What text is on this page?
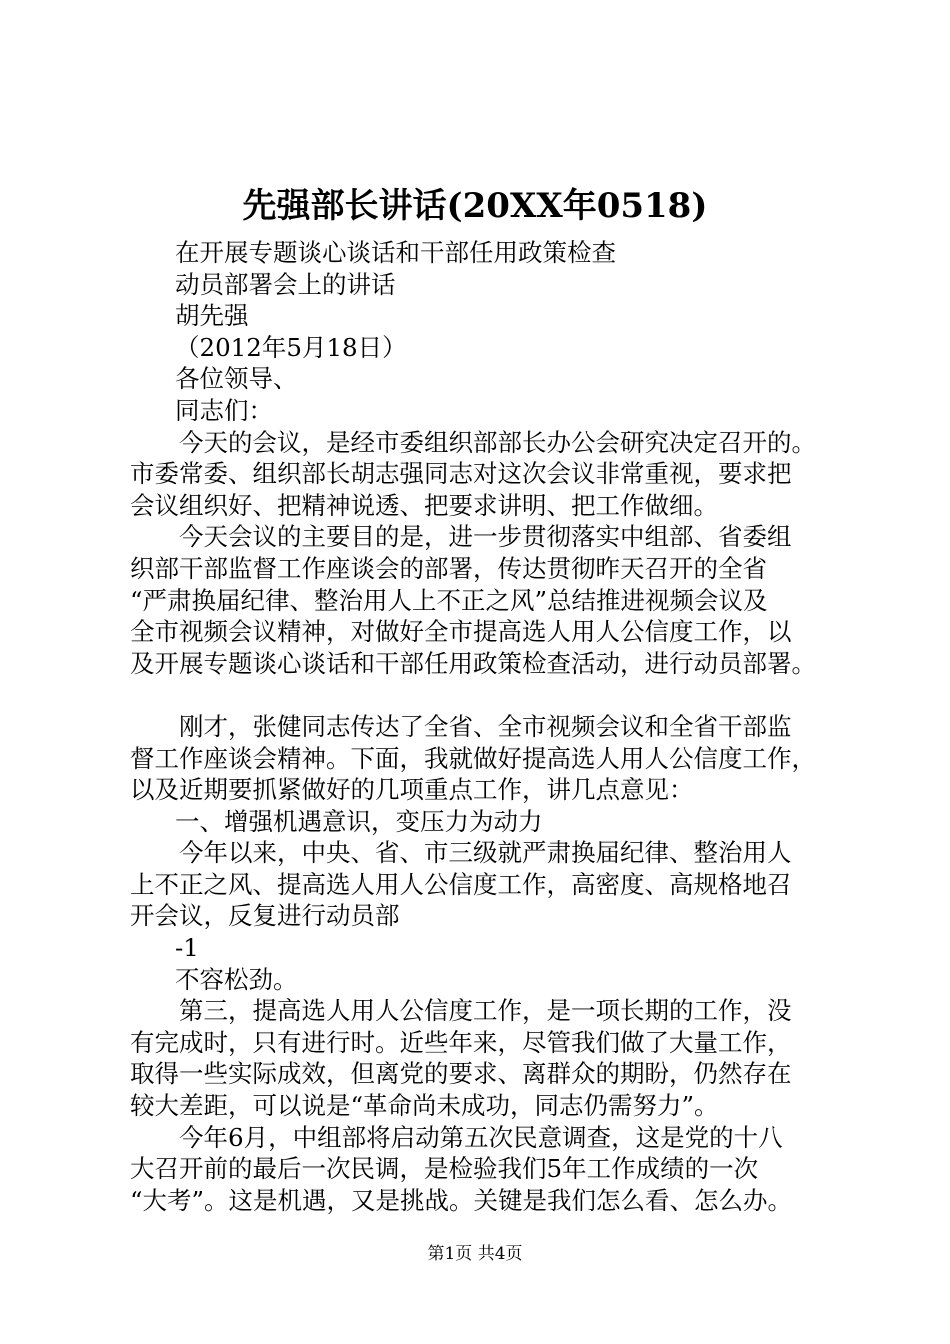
先强部长讲话(20XX年0518)
在开展专题谈心谈话和干部任用政策检查
动员部署会上的讲话
胡先强
（2012年5月18日）
各位领导、
同志们：
今天的会议，是经市委组织部部长办公会研究决定召开的。
市委常委、组织部长胡志强同志对这次会议非常重视，要求把
会议组织好、把精神说透、把要求讲明、把工作做细。
今天会议的主要目的是，进一步贯彻落实中组部、省委组
织部干部监督工作座谈会的部署，传达贯彻昨天召开的全省
“严肃换届纪律、整治用人上不正之风”总结推进视频会议及
全市视频会议精神，对做好全市提高选人用人公信度工作，以
及开展专题谈心谈话和干部任用政策检查活动，进行动员部署。
刚才，张健同志传达了全省、全市视频会议和全省干部监
督工作座谈会精神。下面，我就做好提高选人用人公信度工作，
以及近期要抓紧做好的几项重点工作，讲几点意见：
一、增强机遇意识，变压力为动力
今年以来，中央、省、市三级就严肃换届纪律、整治用人
上不正之风、提高选人用人公信度工作，高密度、高规格地召
开会议，反复进行动员部
-1
不容松劲。
第三，提高选人用人公信度工作，是一项长期的工作，没
有完成时，只有进行时。近些年来，尽管我们做了大量工作，
取得一些实际成效，但离党的要求、离群众的期盼，仍然存在
较大差距，可以说是“革命尚未成功，同志仍需努力”。
今年6月，中组部将启动第五次民意调查，这是党的十八
大召开前的最后一次民调，是检验我们5年工作成绩的一次
“大考”。这是机遇，又是挑战。关键是我们怎么看、怎么办。
第1页 共4页
